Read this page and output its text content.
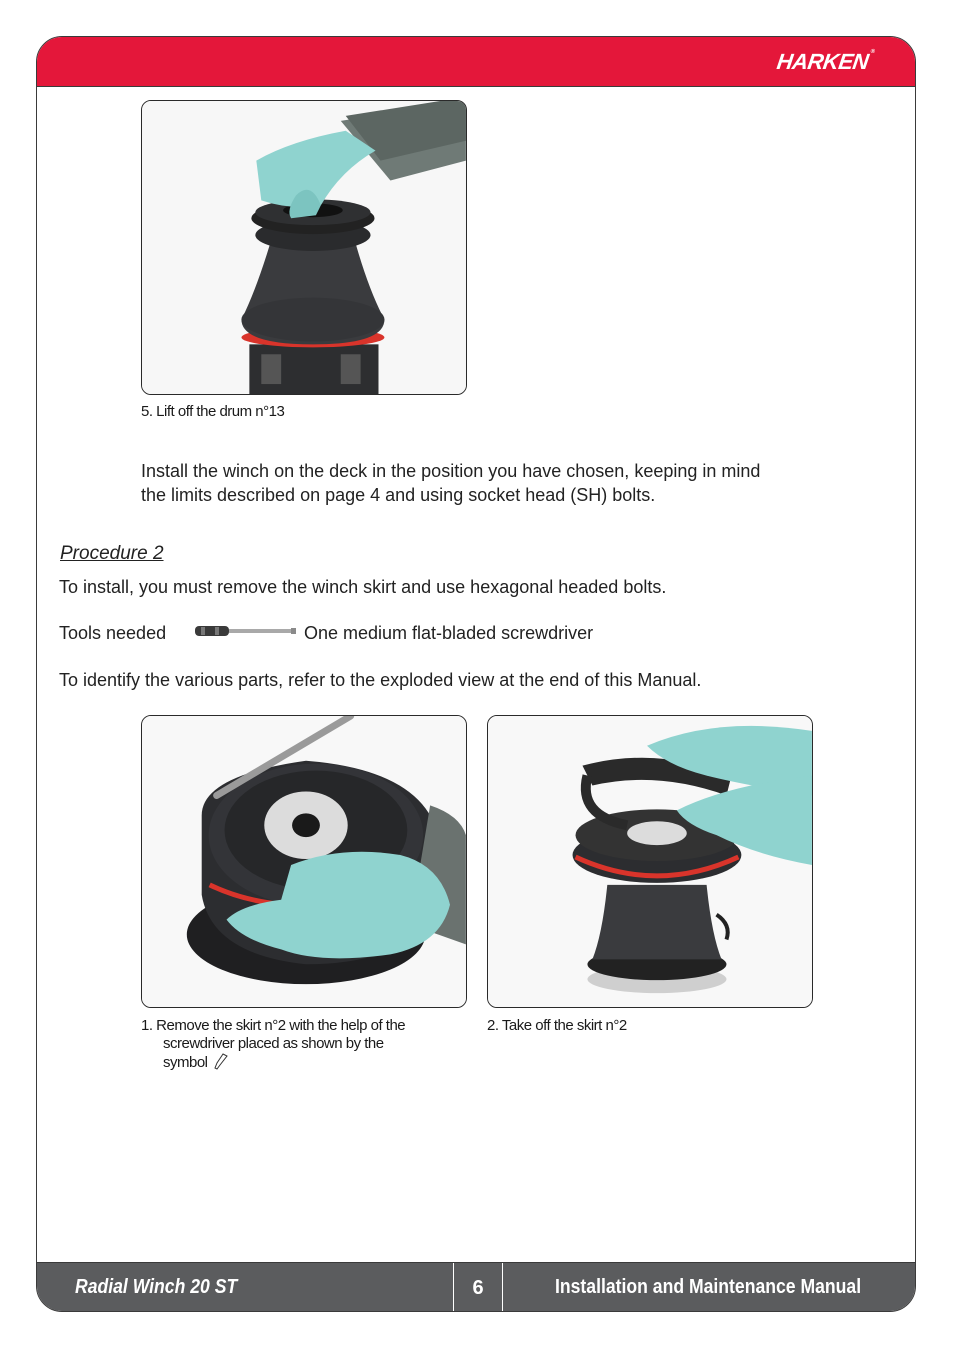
HARKEN®
Radial Winch 20 ST	6	Installation and Maintenance Manual
5. Lift off the drum n°13
Install the winch on the deck in the position you have chosen, keeping in mind
the limits described on page 4 and using socket head (SH) bolts.
Procedure 2
To install, you must remove the winch skirt and use hexagonal headed bolts.
Tools needed	One medium flat-bladed screwdriver
To identify the various parts, refer to the exploded view at the end of this Manual.
1. Remove the skirt n°2 with the help of the
screwdriver placed as shown by the
symbol
2. Take off the skirt n°2
